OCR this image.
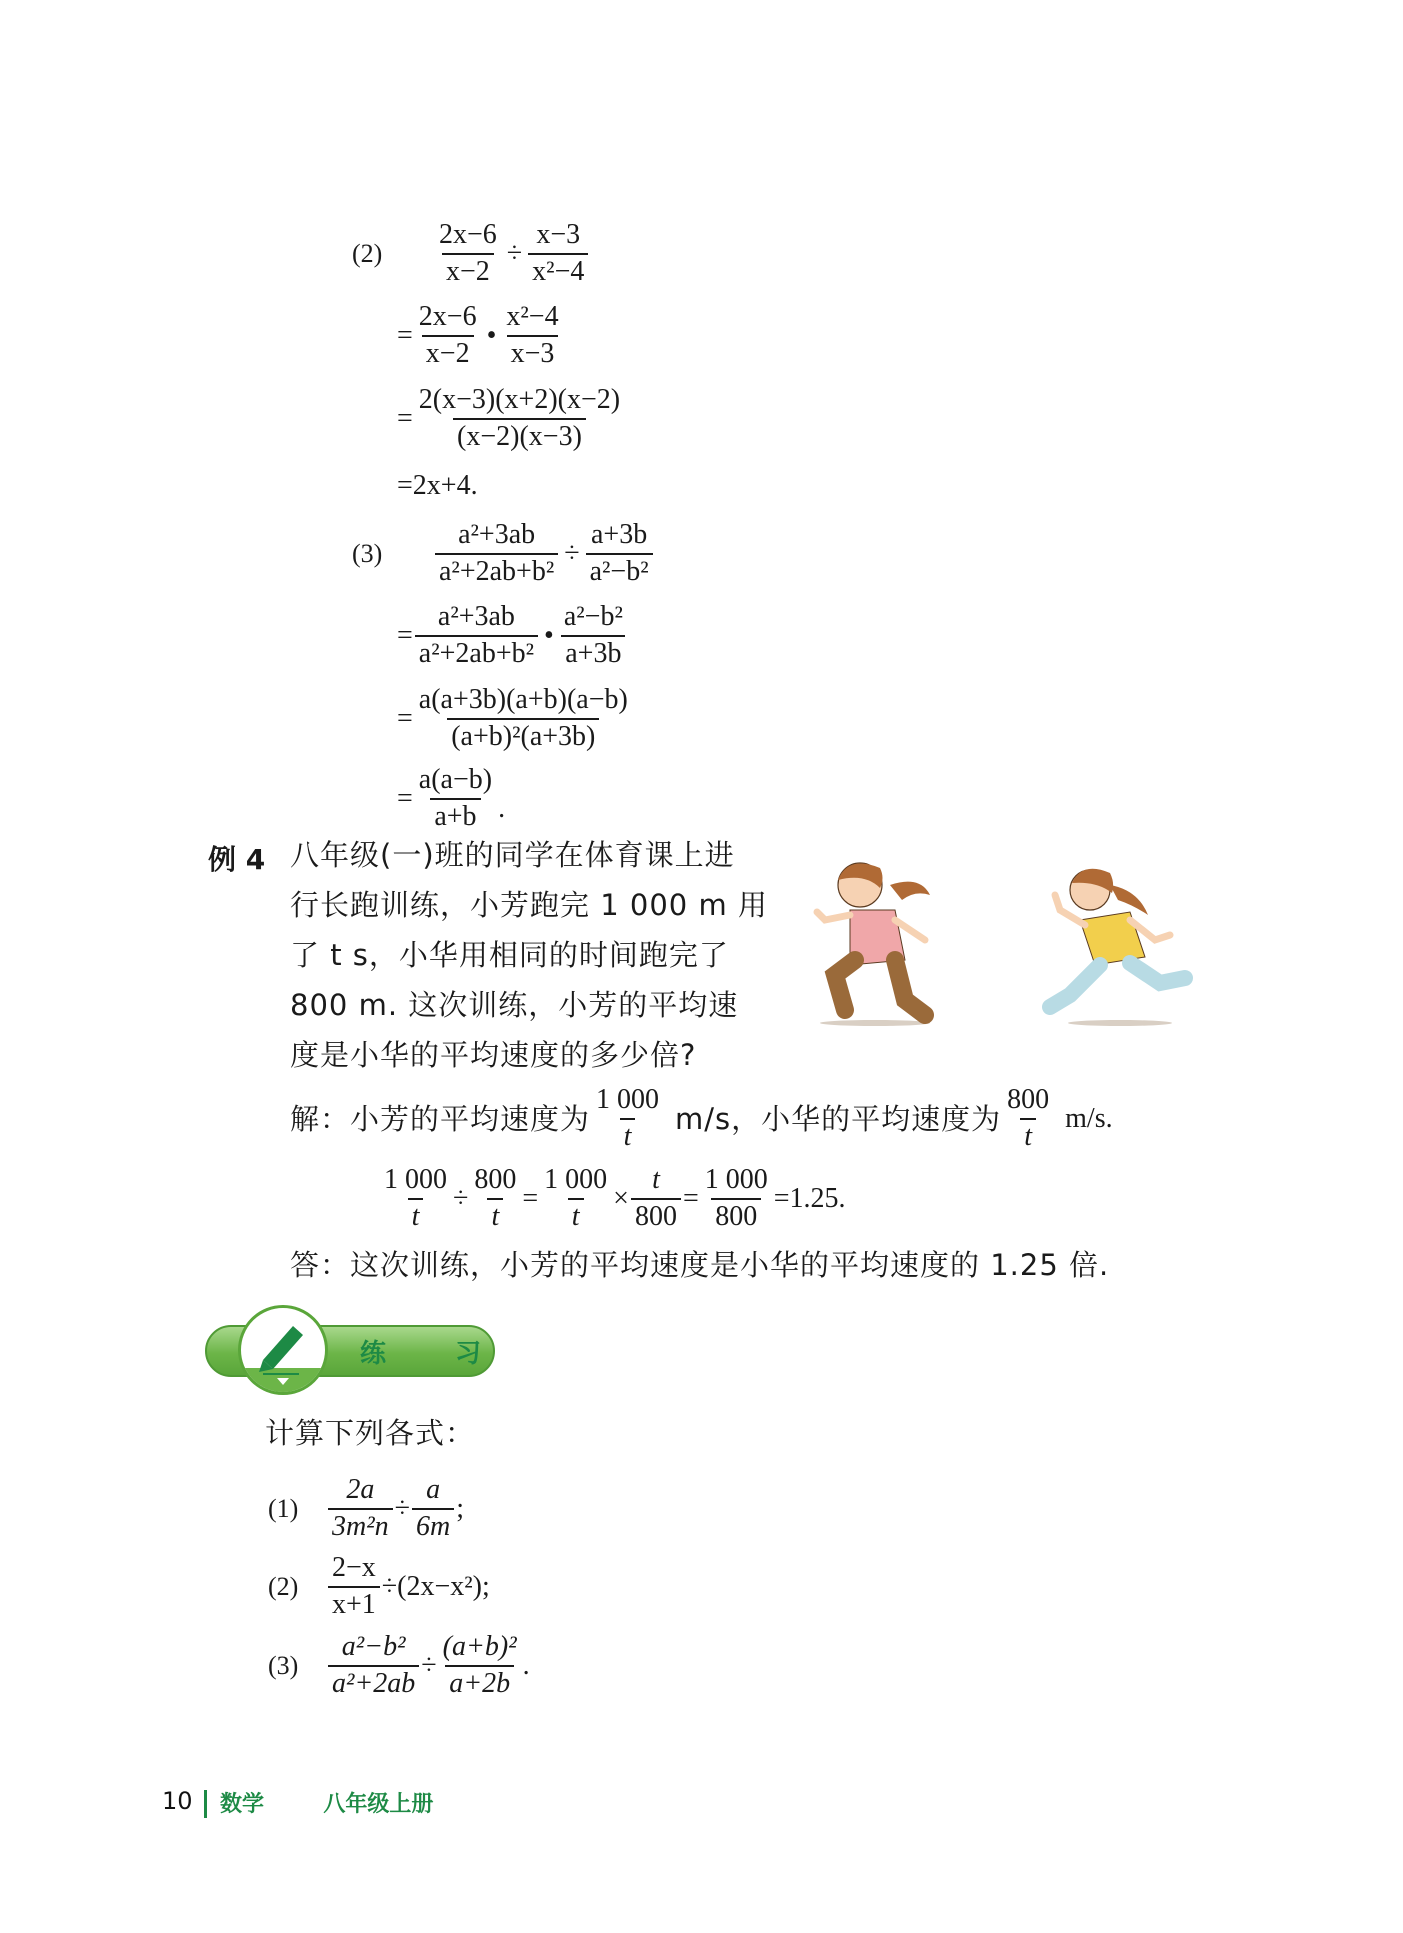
(2)	$\frac{2x-6}{x-2} \div \frac{x-3}{\text{x²−4}}$
= $\frac{2x-6}{x-2}$ • $\frac{\text{x²−4}}{x-3}$
= $\frac{2(x-3)(x+2)(x-2)}{(x-2)(x-3)}$
= 2x+4.
(3)	$\frac{\text{a²+3ab}}{\text{a²+2ab+b²}} \div \frac{a+3b}{\text{a²−b²}}$
= $\frac{\text{a²+3ab}}{\text{a²+2ab+b²}}$ • $\frac{\text{a²−b²}}{a+3b}$
= $\frac{a(a+3b)(a+b)(a-b)}{\text{(a+b)²(a+3b)}}$
= $\frac{a(a-b)}{a+b}$ .
例 4 八年级(一)班的同学在体育课上进
行长跑训练，小芳跑完 1 000 m 用
了 t s，小华用相同的时间跑完了
800 m. 这次训练，小芳的平均速
度是小华的平均速度的多少倍?
解：小芳的平均速度为 $\frac{1 000}{t} m/s$，小华的平均速度为 $\frac{800}{t} m/s$.
$\frac{1 000}{t} \div \frac{800}{t} = \frac{1 000}{t} \times \frac{t}{800} = \frac{1 000}{800} =1.25$.
答：这次训练，小芳的平均速度是小华的平均速度的 1.25 倍.
练 习
计算下列各式：
(1)	$\frac{2a}{\text{3m²n}} \div \frac{a}{6m}$ ;
(2)	$\frac{2-x}{x+1} \div (2x-x^2)$;
(3)	$\frac{\text{a²−b²}}{\text{a²+2ab}} \div \frac{\text{(a+b)²}}{a+2b}$ .
10 数学	八年级上册
